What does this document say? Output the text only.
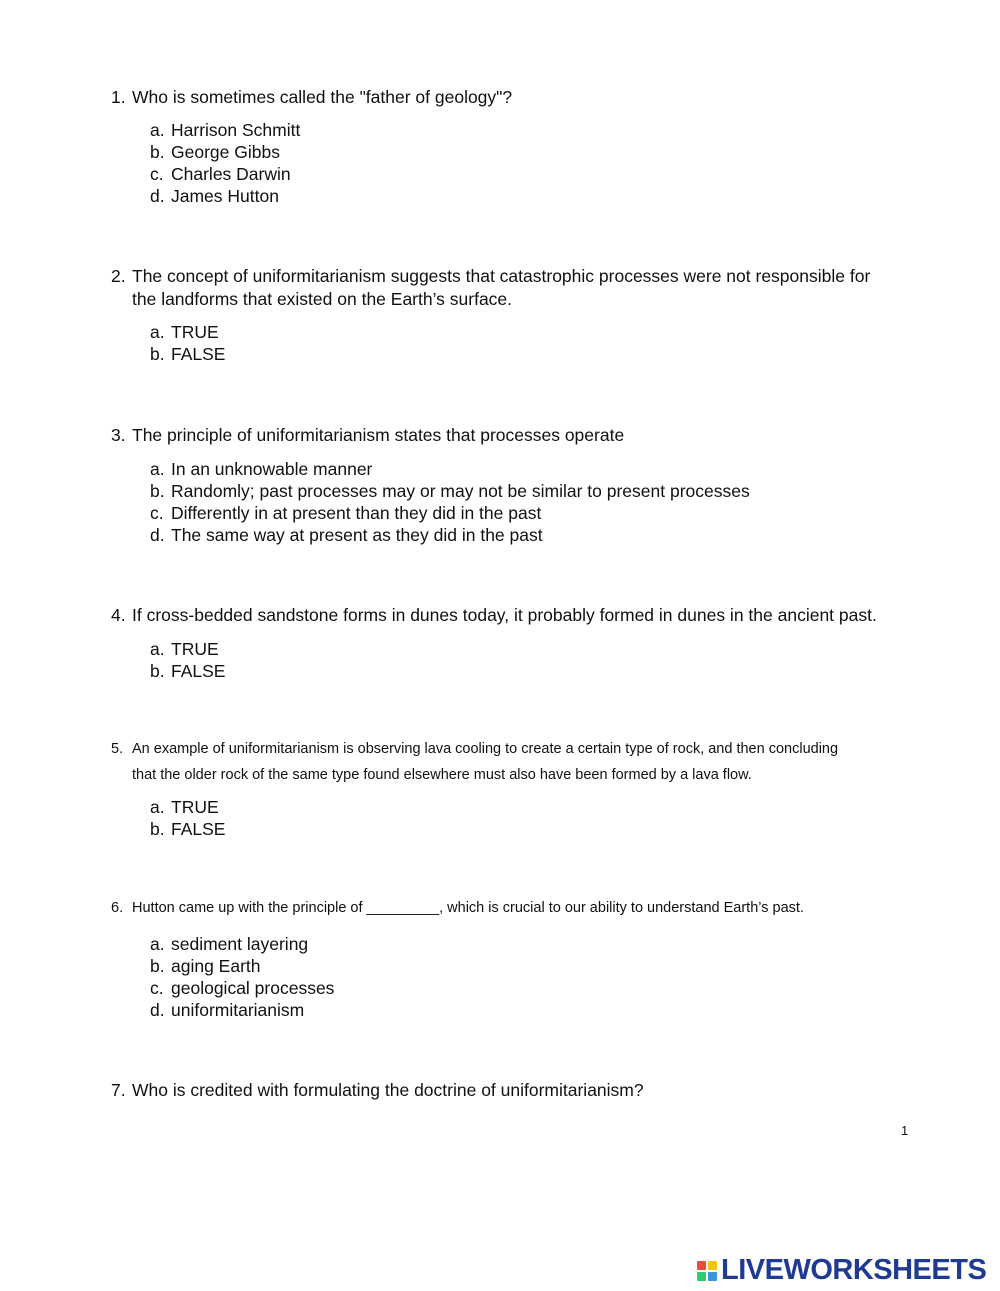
1. Who is sometimes called the "father of geology"?
a. Harrison Schmitt
b. George Gibbs
c. Charles Darwin
d. James Hutton
2. The concept of uniformitarianism suggests that catastrophic processes were not responsible for
the landforms that existed on the Earth’s surface.
a. TRUE
b. FALSE
3. The principle of uniformitarianism states that processes operate
a. In an unknowable manner
b. Randomly; past processes may or may not be similar to present processes
c. Differently in at present than they did in the past
d. The same way at present as they did in the past
4. If cross-bedded sandstone forms in dunes today, it probably formed in dunes in the ancient past.
a. TRUE
b. FALSE
5. An example of uniformitarianism is observing lava cooling to create a certain type of rock, and then concluding
that the older rock of the same type found elsewhere must also have been formed by a lava flow.
a. TRUE
b. FALSE
6. Hutton came up with the principle of _________, which is crucial to our ability to understand Earth’s past.
a. sediment layering
b. aging Earth
c. geological processes
d. uniformitarianism
7. Who is credited with formulating the doctrine of uniformitarianism?
1
LIVEWORKSHEETS
